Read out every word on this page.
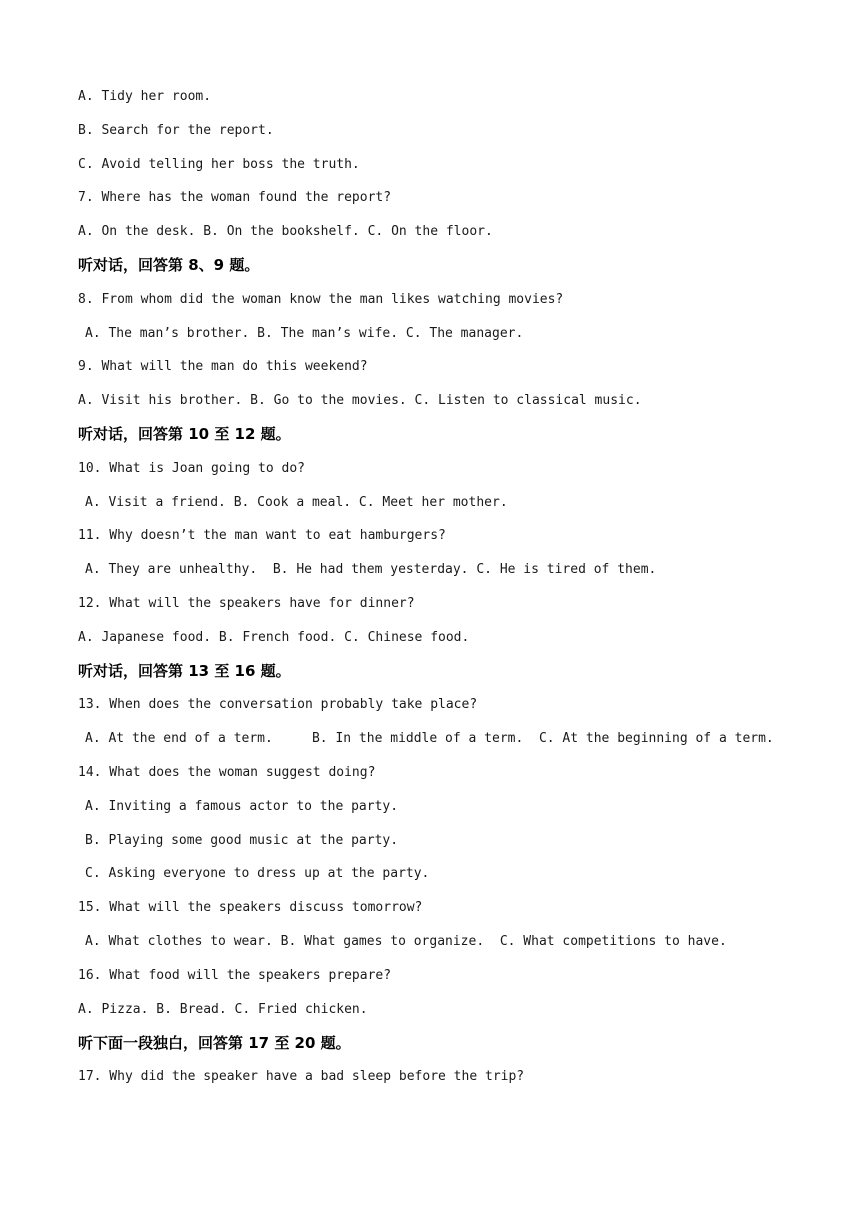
A. Tidy her room.
B. Search for the report.
C. Avoid telling her boss the truth.
7. Where has the woman found the report?
A. On the desk. B. On the bookshelf. C. On the floor.
听对话，回答第 8、9 题。
8. From whom did the woman know the man likes watching movies?
A. The man’s brother. B. The man’s wife. C. The manager.
9. What will the man do this weekend?
A. Visit his brother. B. Go to the movies. C. Listen to classical music.
听对话，回答第 10 至 12 题。
10. What is Joan going to do?
A. Visit a friend. B. Cook a meal. C. Meet her mother.
11. Why doesn’t the man want to eat hamburgers?
A. They are unhealthy.  B. He had them yesterday. C. He is tired of them.
12. What will the speakers have for dinner?
A. Japanese food. B. French food. C. Chinese food.
听对话，回答第 13 至 16 题。
13. When does the conversation probably take place?
A. At the end of a term.     B. In the middle of a term.  C. At the beginning of a term.
14. What does the woman suggest doing?
A. Inviting a famous actor to the party.
B. Playing some good music at the party.
C. Asking everyone to dress up at the party.
15. What will the speakers discuss tomorrow?
A. What clothes to wear. B. What games to organize.  C. What competitions to have.
16. What food will the speakers prepare?
A. Pizza. B. Bread. C. Fried chicken.
听下面一段独白，回答第 17 至 20 题。
17. Why did the speaker have a bad sleep before the trip?
